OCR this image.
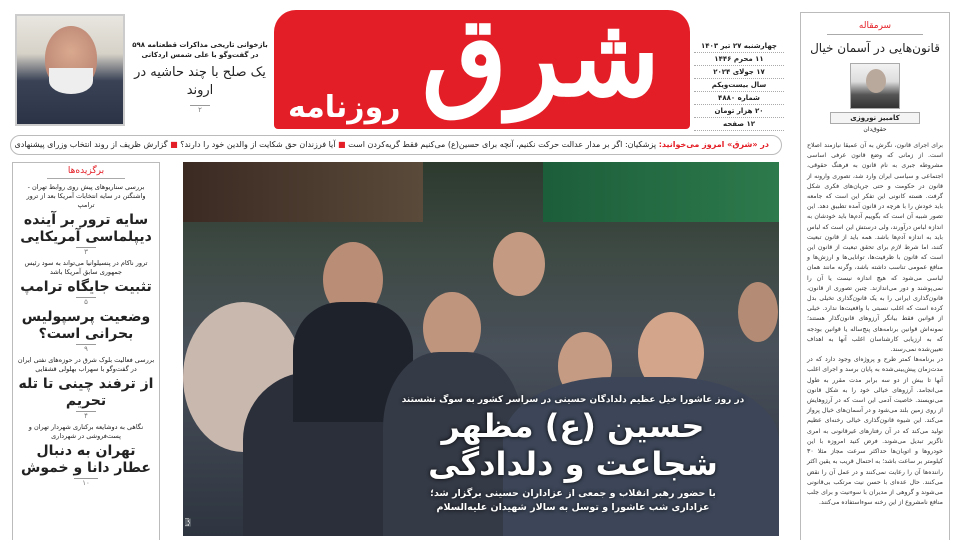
بازخوانی تاریخی مذاکرات قطعنامه ۵۹۸ در گفت‌وگو با علی شمس اردکانی
یک صلح با چند حاشیه در اروند
۲	شرق
روزنامه
چهارشنبه ۲۷ تیر ۱۴۰۳
۱۱ محرم ۱۴۴۶
۱۷ جولای ۲۰۲۴
سال بیست‌ویکم
شماره ۴۸۸۰
۲۰ هزار تومان
۱۲ صفحه
در «شرق» امروز می‌خوانید: پزشکیان: اگر بر مدار عدالت حرکت نکنیم، آنچه برای حسین(ع) می‌کنیم فقط گریه‌کردن است ■ آیا فرزندان حق شکایت از والدین خود را دارند؟ ■ گزارش ظریف از روند انتخاب وزرای پیشنهادی
برگزیده‌ها
بررسی سناریوهای پیش روی روابط تهران - واشنگتن در سایه انتخابات آمریکا بعد از ترور ترامپ
سایه ترور بر آینده دیپلماسی آمریکایی
۳
ترور ناکام در پنسیلوانیا می‌تواند به سود رئیس جمهوری سابق آمریکا باشد
تثبیت جایگاه ترامپ
۵
وضعیت پرسپولیس بحرانی است؟
۹
بررسی فعالیت بلوک شرق در حوزه‌های نفتی ایران در گفت‌وگو با سهراب بهلولی قشقایی
از ترفند چینی تا تله تحریم
۴
نگاهی به دوشایعه برکناری شهردار تهران و پست‌فروشی در شهرداری
تهران به دنبال عطار دانا و خموش
۱۰
در روز عاشورا خیل عظیم دلدادگان حسینی در سراسر کشور به سوگ نشستند
حسین (ع) مظهر
شجاعت و دلدادگی
با حضور رهبر انقلاب و جمعی از عزاداران حسینی برگزار شد؛
عزاداری شب عاشورا و توسل به سالار شهیدان علیه‌السلام
ایرنا
سرمقاله
قانون‌هایی در آسمان خیال
کامبیز نوروزی
حقوق‌دان

برای اجرای قانون، نگرش به آن عمیقا نیازمند اصلاح است. از زمانی که وضع قانون عرفی اساسی مشروطه جبری به نام قانون به فرهنگ حقوقی، اجتماعی و سیاسی ایران وارد شد، تصوری وارونه از قانون در حکومت و حتی جریان‌های فکری شکل گرفت. هسته کانونی این تفکر این است که جامعه باید خودش را با هرچه در قانون آمده تطبیق دهد. این تصور شبیه آن است که بگوییم آدم‌ها باید خودشان به اندازه لباس درآورند، ولی درستش این است که لباس باید به اندازه آدم‌ها باشد. همه باید از قانون تبعیت کنند، اما شرط لازم برای تحقق تبعیت از قانون این است که قانون با ظرفیت‌ها، توانایی‌ها و ارزش‌ها و منافع عمومی تناسب داشته باشد، وگرنه مانند همان لباسی می‌شود که هیچ اندازه نیست یا آن را نمی‌پوشند و دور می‌اندازند. چنین تصوری از قانون، قانون‌گذاری ایرانی را به یک قانون‌گذاری تخیلی بدل کرده است که اغلب نسبتی با واقعیت‌ها ندارد. خیلی از قوانین فقط بیانگر آرزوهای قانون‌گذار هستند؛ نمونه‌اش قوانین برنامه‌های پنج‌ساله یا قوانین بودجه که به ارزیابی کارشناسان اغلب آنها به اهداف تعیین‌شده نمی‌رسند.

در برنامه‌ها کمتر طرح و پروژه‌ای وجود دارد که در مدت‌زمان پیش‌بینی‌شده به پایان برسد و اجرای اغلب آنها تا بیش از دو سه برابر مدت مقرر به طول می‌انجامد. آرزوهای خیالی خود را به شکل قانون می‌نویسند. خاصیت آدمی این است که در آرزوهایش از روی زمین بلند می‌شود و در آسمان‌های خیال پرواز می‌کند. این شیوه قانون‌گذاری خیالی رخنه‌ای عظیم تولید می‌کند که در آن رفتارهای غیرقانونی به امری ناگزیر تبدیل می‌شوند. فرض کنید امروزه با این خودروها و اتوبان‌ها حداکثر سرعت مجاز مثلا ۳۰ کیلومتر بر ساعت باشد؛ به احتمال قریب به یقین اکثر راننده‌ها آن را رعایت نمی‌کنند و در عمل آن را نقض می‌کنند. حال عده‌ای با حسن نیت مرتکب بی‌قانونی می‌شوند و گروهی از مدیران با سوءنیت و برای جلب منافع نامشروع از این رخنه سوءاستفاده می‌کنند.
